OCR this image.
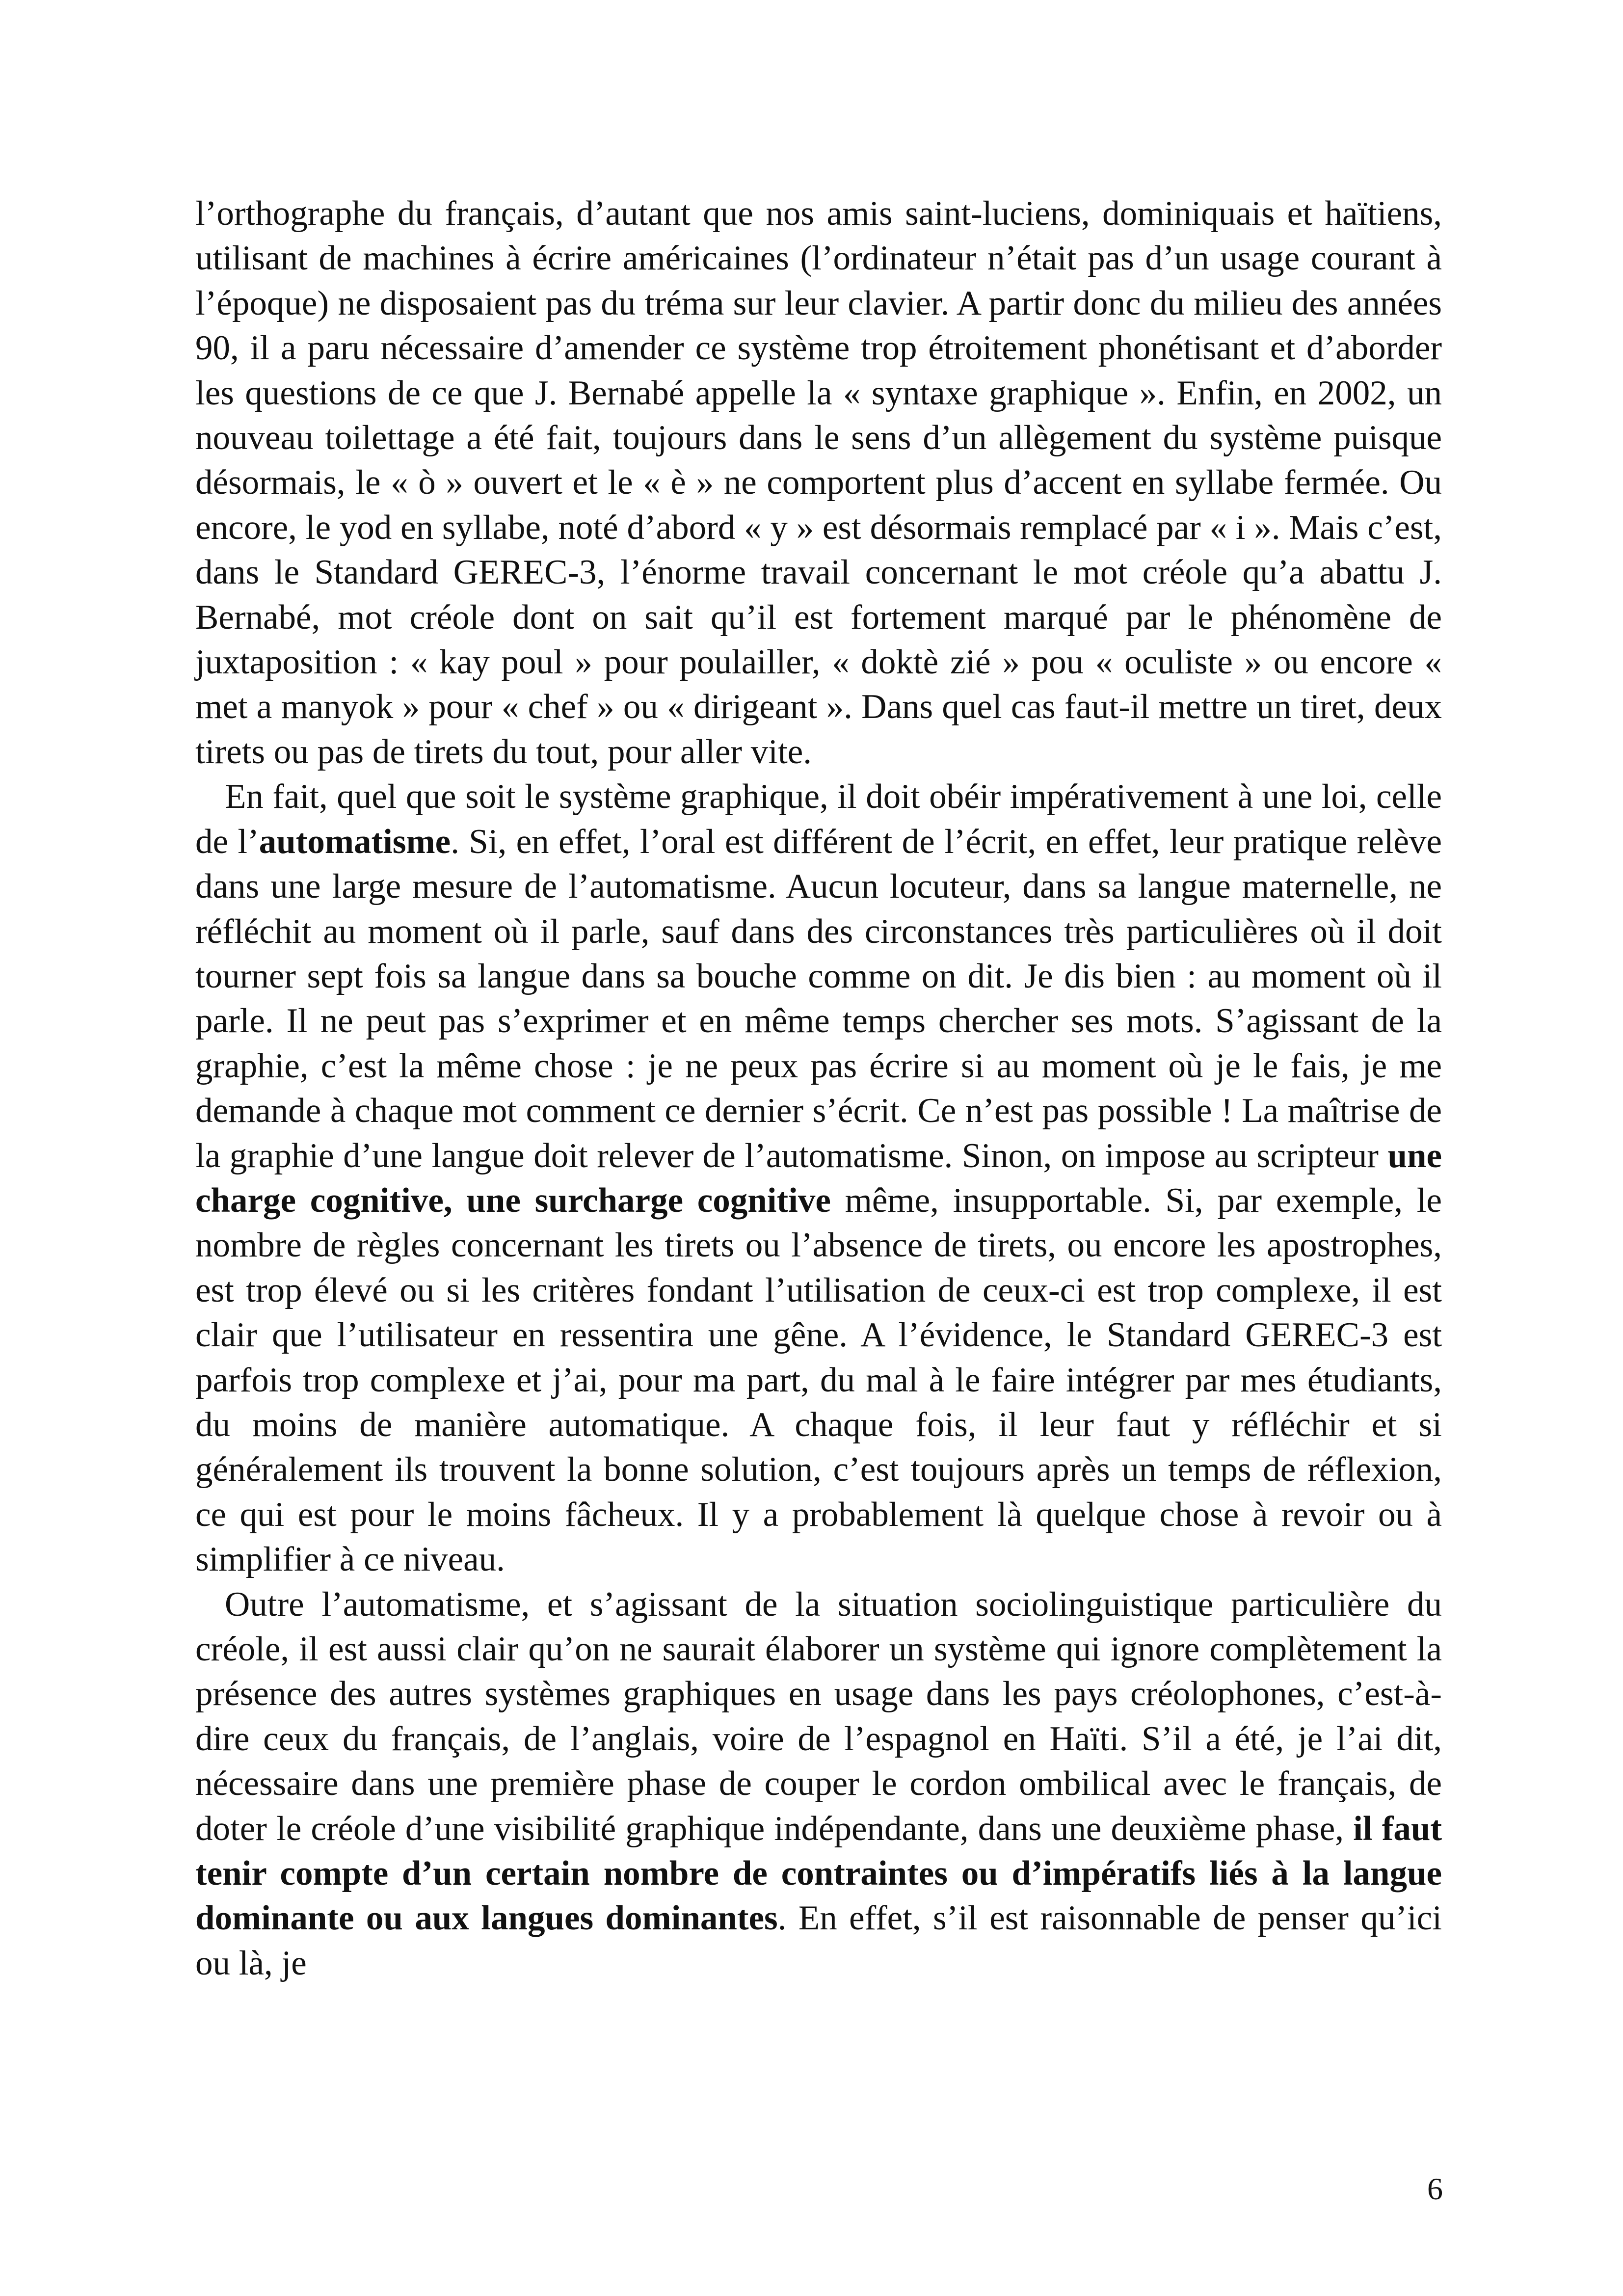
l’orthographe du français, d’autant que nos amis saint-luciens, dominiquais et haïtiens, utilisant de machines à écrire américaines (l’ordinateur n’était pas d’un usage courant à l’époque) ne disposaient pas du tréma sur leur clavier. A partir donc du milieu des années 90, il a paru nécessaire d’amender ce système trop étroitement phonétisant et d’aborder les questions de ce que J. Bernabé appelle la « syntaxe graphique ». Enfin, en 2002, un nouveau toilettage a été fait, toujours dans le sens d’un allègement du système puisque désormais, le « ò » ouvert et le « è » ne comportent plus d’accent en syllabe fermée. Ou encore, le yod en syllabe, noté d’abord « y » est désormais remplacé par « i ». Mais c’est, dans le Standard GEREC-3, l’énorme travail concernant le mot créole qu’a abattu J. Bernabé, mot créole dont on sait qu’il est fortement marqué par le phénomène de juxtaposition : « kay poul » pour poulailler, « doktè zié » pou « oculiste » ou encore « met a manyok » pour « chef » ou « dirigeant ». Dans quel cas faut-il mettre un tiret, deux tirets ou pas de tirets du tout, pour aller vite.

En fait, quel que soit le système graphique, il doit obéir impérativement à une loi, celle de l’automatisme. Si, en effet, l’oral est différent de l’écrit, en effet, leur pratique relève dans une large mesure de l’automatisme. Aucun locuteur, dans sa langue maternelle, ne réfléchit au moment où il parle, sauf dans des circonstances très particulières où il doit tourner sept fois sa langue dans sa bouche comme on dit. Je dis bien : au moment où il parle. Il ne peut pas s’exprimer et en même temps chercher ses mots. S’agissant de la graphie, c’est la même chose : je ne peux pas écrire si au moment où je le fais, je me demande à chaque mot comment ce dernier s’écrit. Ce n’est pas possible ! La maîtrise de la graphie d’une langue doit relever de l’automatisme. Sinon, on impose au scripteur une charge cognitive, une surcharge cognitive même, insupportable. Si, par exemple, le nombre de règles concernant les tirets ou l’absence de tirets, ou encore les apostrophes, est trop élevé ou si les critères fondant l’utilisation de ceux-ci est trop complexe, il est clair que l’utilisateur en ressentira une gêne. A l’évidence, le Standard GEREC-3 est parfois trop complexe et j’ai, pour ma part, du mal à le faire intégrer par mes étudiants, du moins de manière automatique. A chaque fois, il leur faut y réfléchir et si généralement ils trouvent la bonne solution, c’est toujours après un temps de réflexion, ce qui est pour le moins fâcheux. Il y a probablement là quelque chose à revoir ou à simplifier à ce niveau.

Outre l’automatisme, et s’agissant de la situation sociolinguistique particulière du créole, il est aussi clair qu’on ne saurait élaborer un système qui ignore complètement la présence des autres systèmes graphiques en usage dans les pays créolophones, c’est-à-dire ceux du français, de l’anglais, voire de l’espagnol en Haïti. S’il a été, je l’ai dit, nécessaire dans une première phase de couper le cordon ombilical avec le français, de doter le créole d’une visibilité graphique indépendante, dans une deuxième phase, il faut tenir compte d’un certain nombre de contraintes ou d’impératifs liés à la langue dominante ou aux langues dominantes. En effet, s’il est raisonnable de penser qu’ici ou là, je

6
